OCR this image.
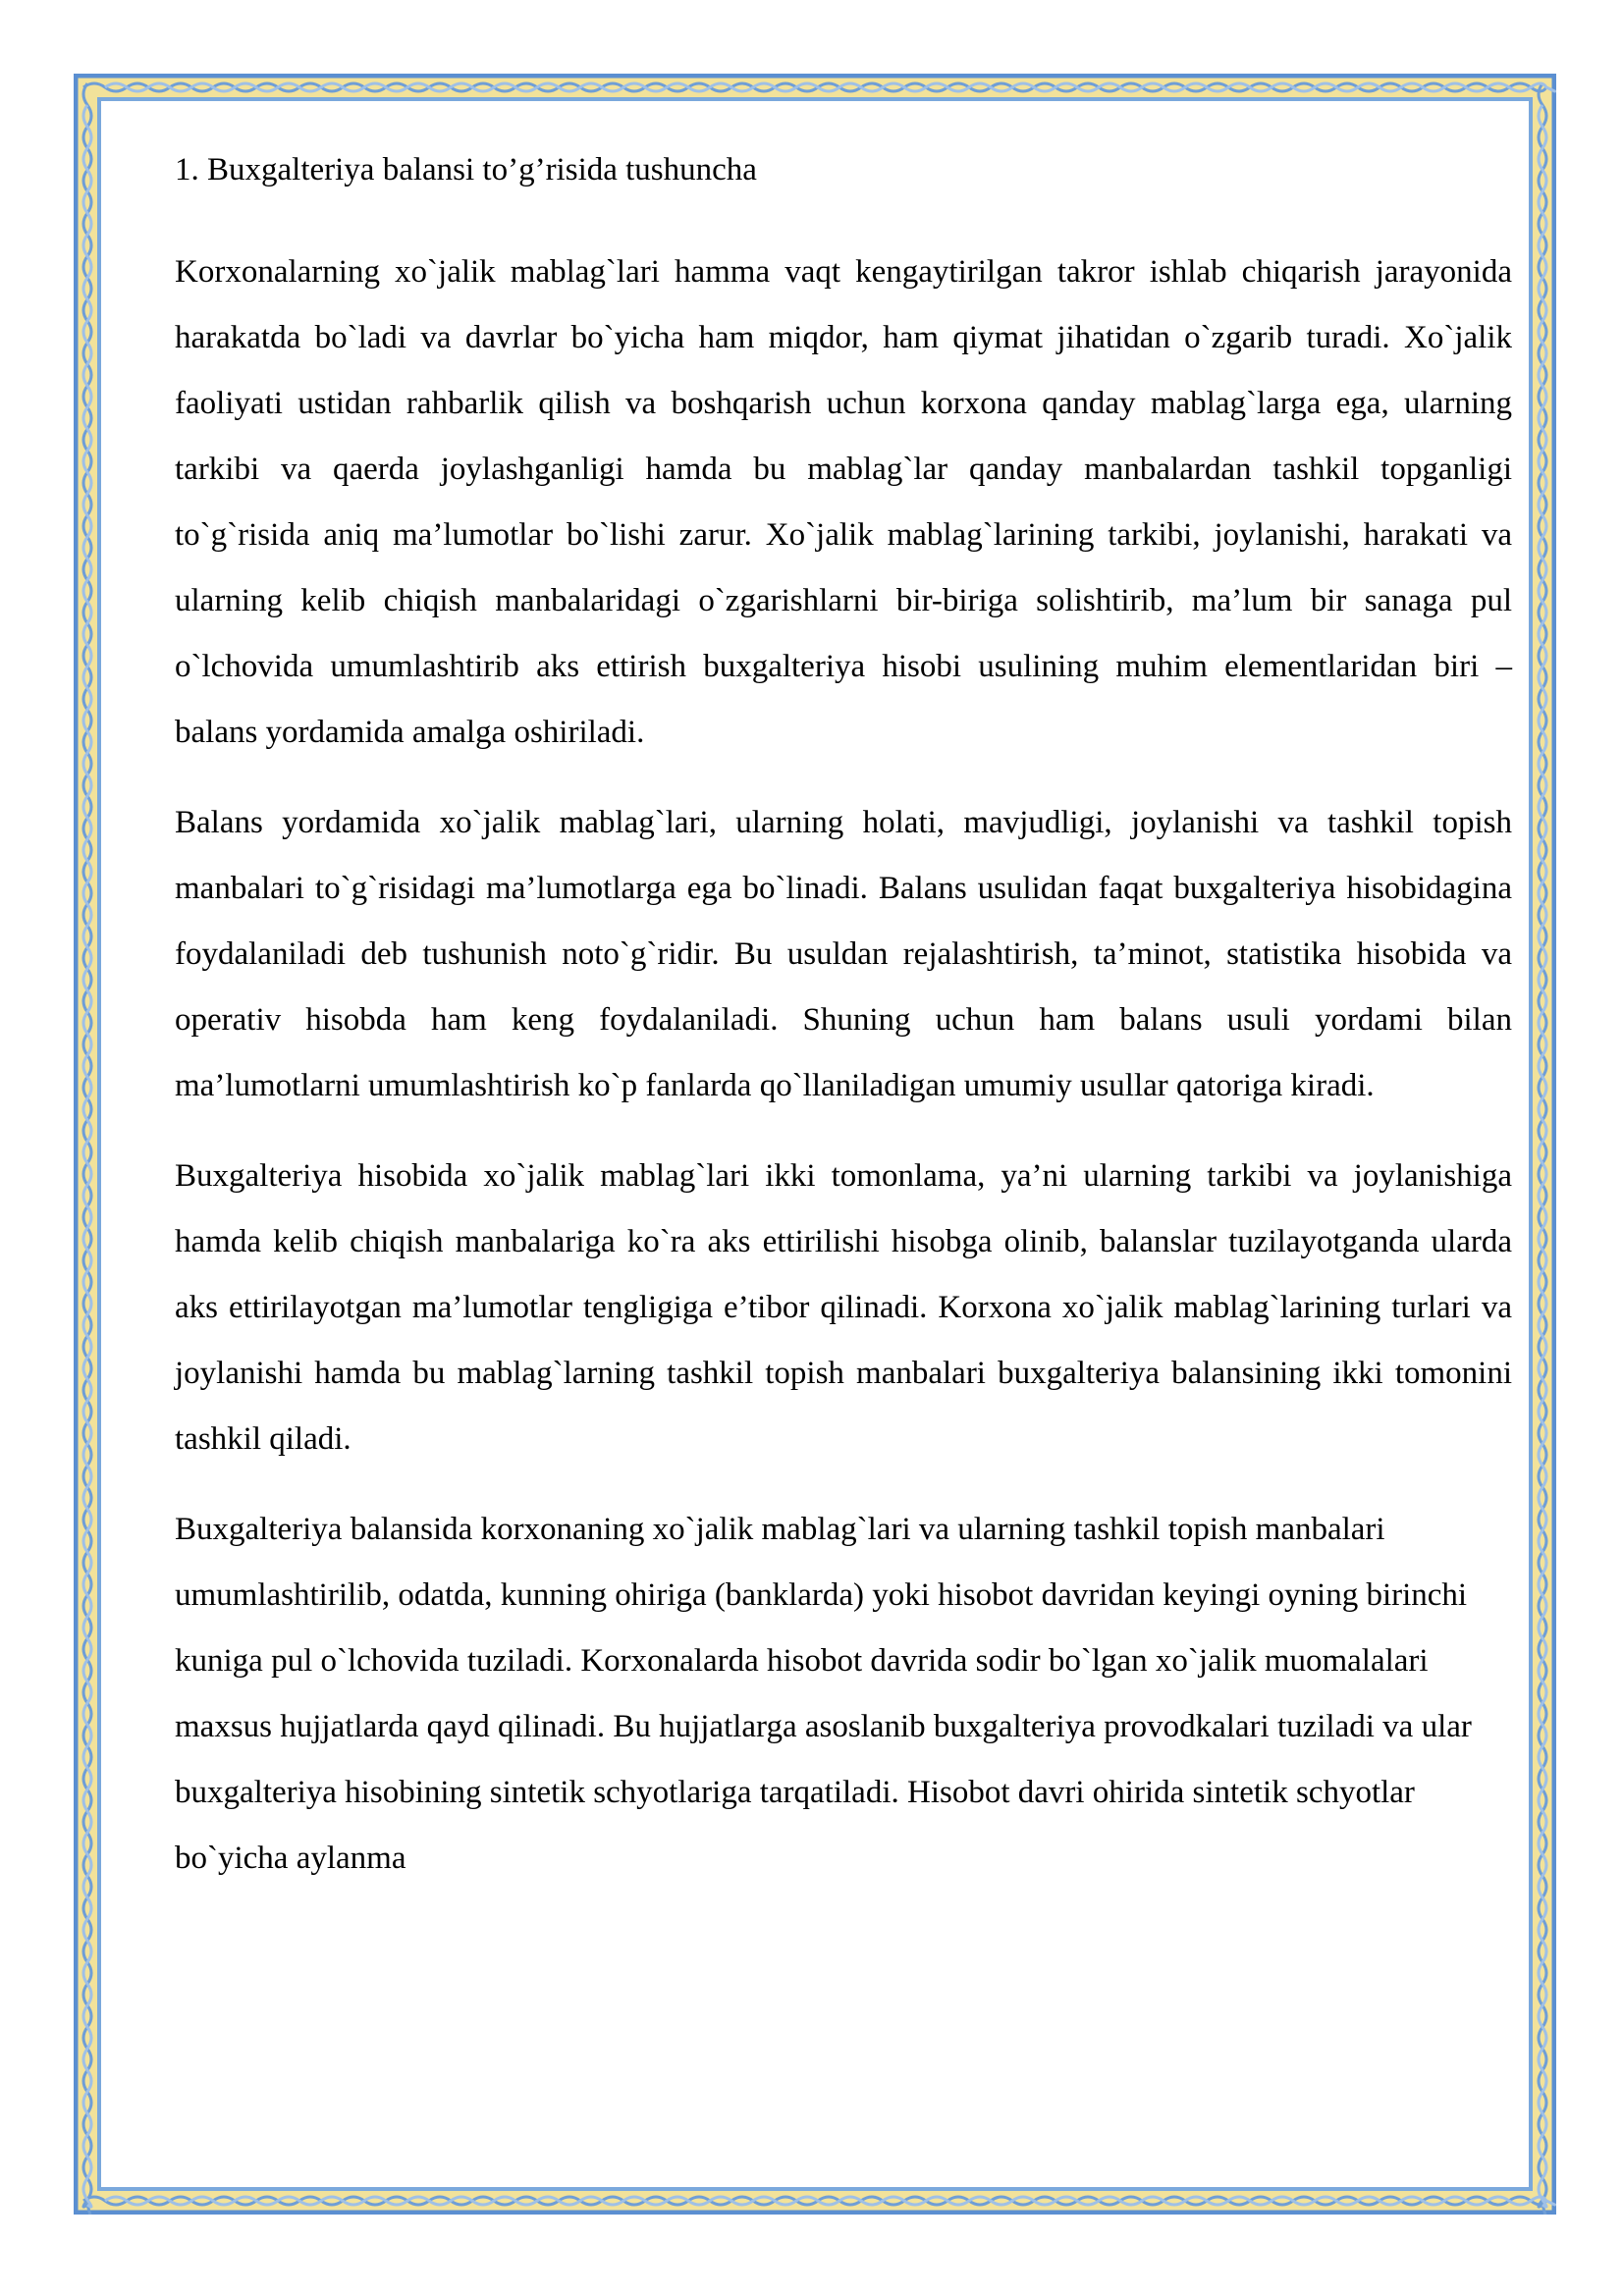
1. Buxgalteriya balansi to’g’risida tushuncha

Korxonalarning xo`jalik mablag`lari hamma vaqt kengaytirilgan takror ishlab chiqarish jarayonida harakatda bo`ladi va davrlar bo`yicha ham miqdor, ham qiymat jihatidan o`zgarib turadi. Xo`jalik faoliyati ustidan rahbarlik qilish va boshqarish uchun korxona qanday mablag`larga ega, ularning tarkibi va qaerda joylashganligi hamda bu mablag`lar qanday manbalardan tashkil topganligi to`g`risida aniq ma’lumotlar bo`lishi zarur. Xo`jalik mablag`larining tarkibi, joylanishi, harakati va ularning kelib chiqish manbalaridagi o`zgarishlarni bir-biriga solishtirib, ma’lum bir sanaga pul o`lchovida umumlashtirib aks ettirish buxgalteriya hisobi usulining muhim elementlaridan biri – balans yordamida amalga oshiriladi.

Balans yordamida xo`jalik mablag`lari, ularning holati, mavjudligi, joylanishi va tashkil topish manbalari to`g`risidagi ma’lumotlarga ega bo`linadi. Balans usulidan faqat buxgalteriya hisobidagina foydalaniladi deb tushunish noto`g`ridir. Bu usuldan rejalashtirish, ta’minot, statistika hisobida va operativ hisobda ham keng foydalaniladi. Shuning uchun ham balans usuli yordami bilan ma’lumotlarni umumlashtirish ko`p fanlarda qo`llaniladigan umumiy usullar qatoriga kiradi.

Buxgalteriya hisobida xo`jalik mablag`lari ikki tomonlama, ya’ni ularning tarkibi va joylanishiga hamda kelib chiqish manbalariga ko`ra aks ettirilishi hisobga olinib, balanslar tuzilayotganda ularda aks ettirilayotgan ma’lumotlar tengligiga e’tibor qilinadi. Korxona xo`jalik mablag`larining turlari va joylanishi hamda bu mablag`larning tashkil topish manbalari buxgalteriya balansining ikki tomonini tashkil qiladi.

Buxgalteriya balansida korxonaning xo`jalik mablag`lari va ularning tashkil topish manbalari umumlashtirilib, odatda, kunning ohiriga (banklarda) yoki hisobot davridan keyingi oyning birinchi kuniga pul o`lchovida tuziladi. Korxonalarda hisobot davrida sodir bo`lgan xo`jalik muomalalari maxsus hujjatlarda qayd qilinadi. Bu hujjatlarga asoslanib buxgalteriya provodkalari tuziladi va ular buxgalteriya hisobining sintetik schyotlariga tarqatiladi. Hisobot davri ohirida sintetik schyotlar bo`yicha aylanma
